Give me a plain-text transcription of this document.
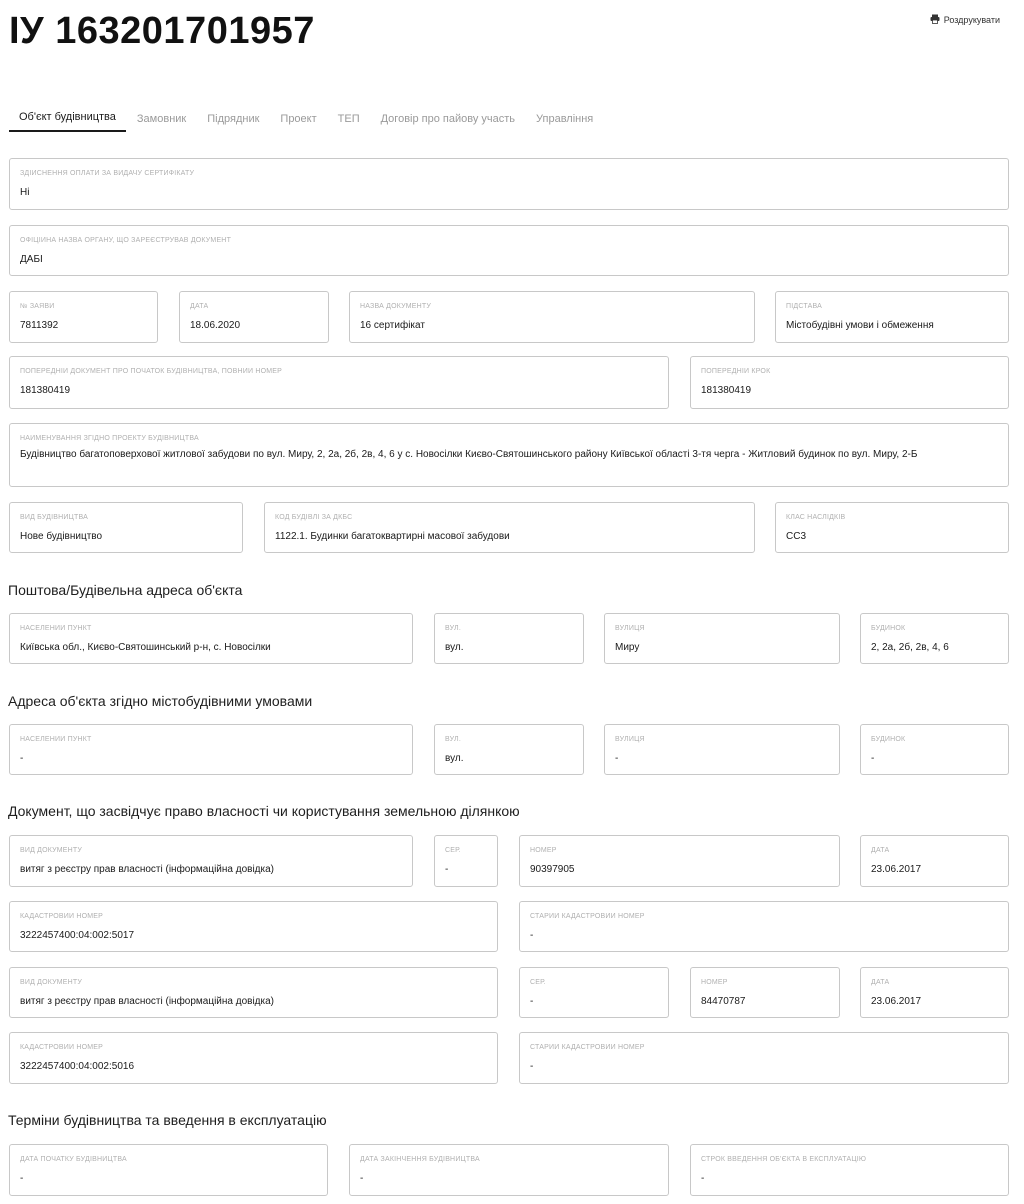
ІУ 163201701957	Роздрукувати
Об'єкт будівництва	Замовник	Підрядник	Проект	ТЕП	Договір про пайову участь	Управління
ЗДІЙСНЕННЯ ОПЛАТИ ЗА ВИДАЧУ СЕРТИФІКАТУ
Ні
ОФІЦІЙНА НАЗВА ОРГАНУ, ЩО ЗАРЕЄСТРУВАВ ДОКУМЕНТ
ДАБІ
№ ЗАЯВИ
7811392
ДАТА
18.06.2020
НАЗВА ДОКУМЕНТУ
16 сертифікат
ПІДСТАВА
Містобудівні умови і обмеження
ПОПЕРЕДНІЙ ДОКУМЕНТ ПРО ПОЧАТОК БУДІВНИЦТВА, ПОВНИЙ НОМЕР
181380419
ПОПЕРЕДНІЙ КРОК
181380419
НАЙМЕНУВАННЯ ЗГІДНО ПРОЕКТУ БУДІВНИЦТВА
Будівництво багатоповерхової житлової забудови по вул. Миру, 2, 2а, 2б, 2в, 4, 6 у с. Новосілки Києво-Святошинського району Київської області 3-тя черга - Житловий будинок по вул. Миру, 2-Б
ВИД БУДІВНИЦТВА
Нове будівництво
КОД БУДІВЛІ ЗА ДКБС
1122.1. Будинки багатоквартирні масової забудови
КЛАС НАСЛІДКІВ
СС3
Поштова/Будівельна адреса об'єкта
НАСЕЛЕНИЙ ПУНКТ
Київська обл., Києво-Святошинський р-н, с. Новосілки
ВУЛ.
вул.
ВУЛИЦЯ
Миру
БУДИНОК
2, 2а, 2б, 2в, 4, 6
Адреса об'єкта згідно містобудівними умовами
НАСЕЛЕНИЙ ПУНКТ
-
ВУЛ.
вул.
ВУЛИЦЯ
-
БУДИНОК
-
Документ, що засвідчує право власності чи користування земельною ділянкою
ВИД ДОКУМЕНТУ
витяг з реєстру прав власності (інформаційна довідка)
СЕР.
-
НОМЕР
90397905
ДАТА
23.06.2017
КАДАСТРОВИЙ НОМЕР
3222457400:04:002:5017
СТАРИЙ КАДАСТРОВИЙ НОМЕР
-
ВИД ДОКУМЕНТУ
витяг з реєстру прав власності (інформаційна довідка)
СЕР.
-
НОМЕР
84470787
ДАТА
23.06.2017
КАДАСТРОВИЙ НОМЕР
3222457400:04:002:5016
СТАРИЙ КАДАСТРОВИЙ НОМЕР
-
Терміни будівництва та введення в експлуатацію
ДАТА ПОЧАТКУ БУДІВНИЦТВА
-
ДАТА ЗАКІНЧЕННЯ БУДІВНИЦТВА
-
СТРОК ВВЕДЕННЯ ОБ'ЄКТА В ЕКСПЛУАТАЦІЮ
-
